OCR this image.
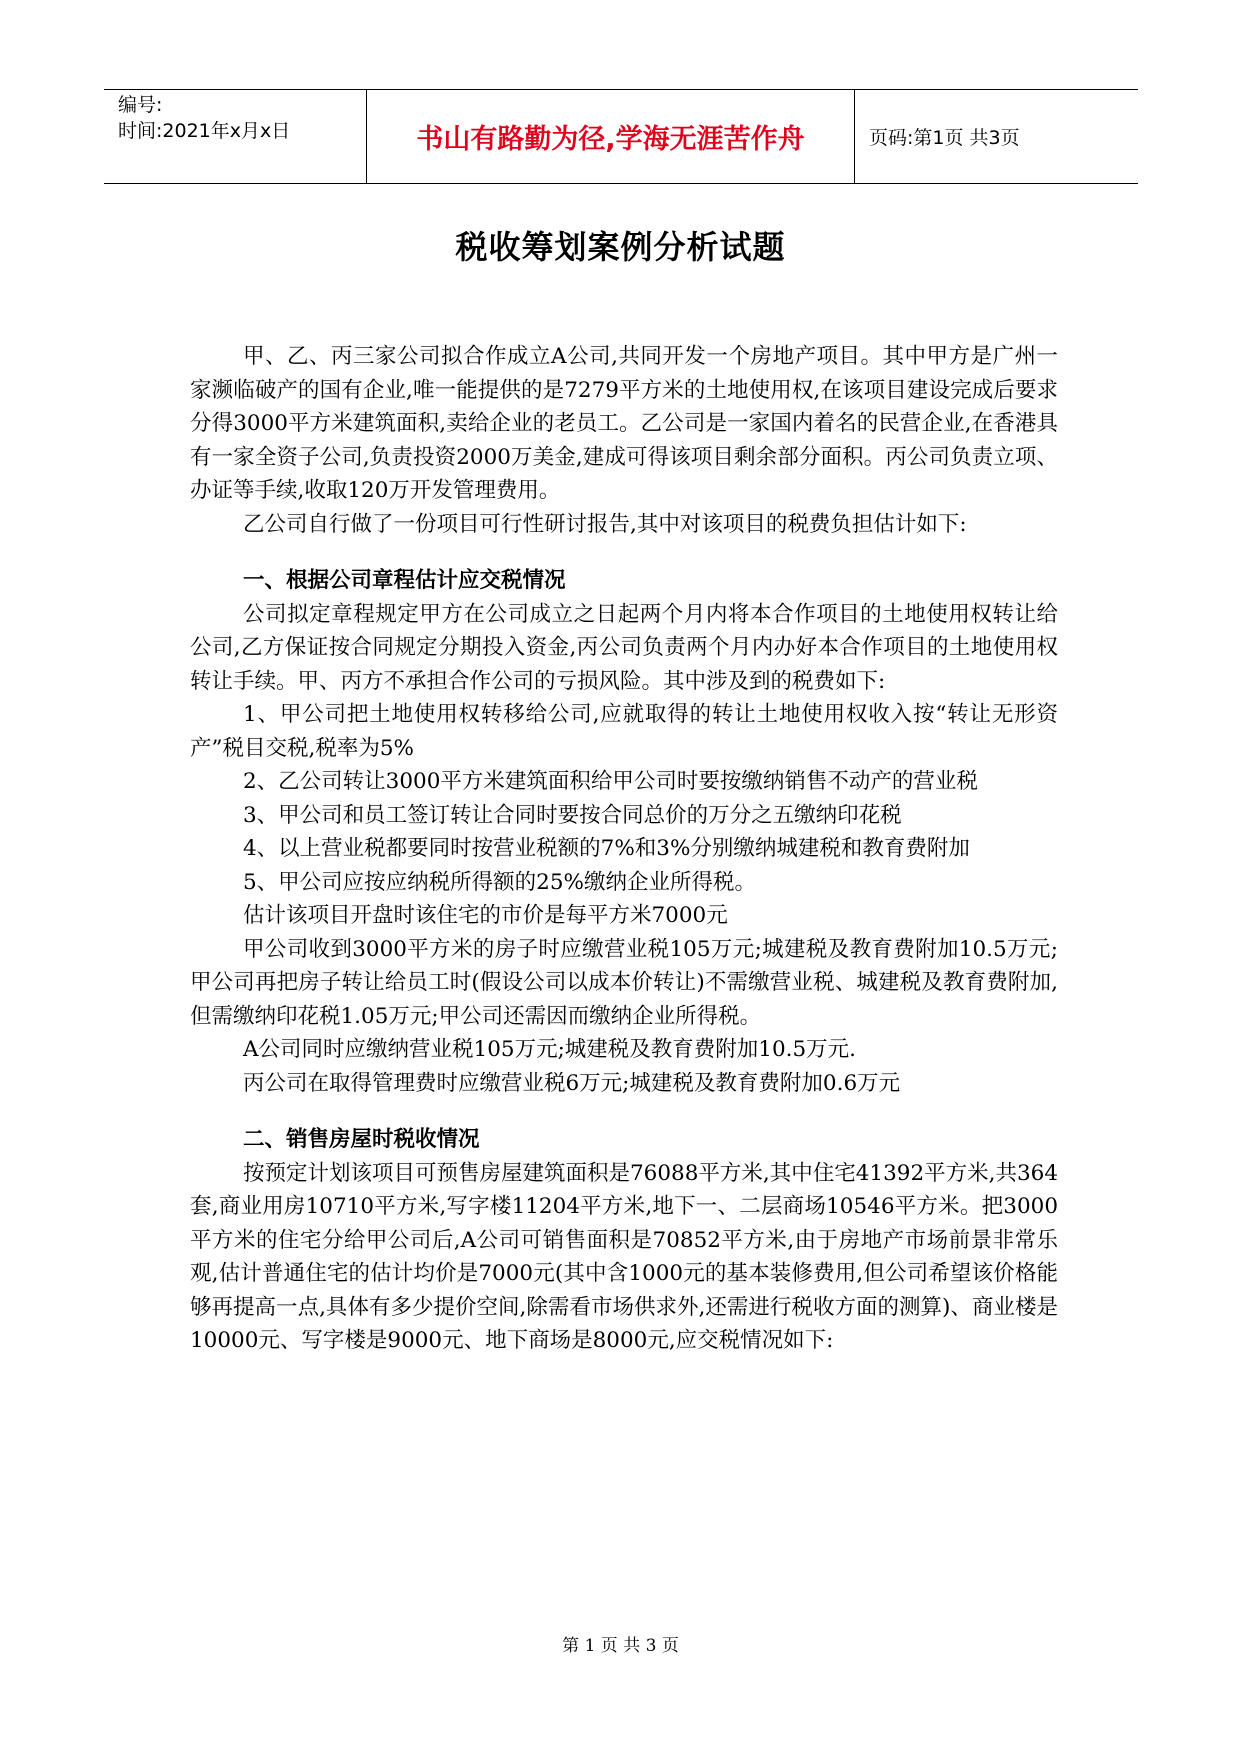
编号:
时间:2021年x月x日	书山有路勤为径,学海无涯苦作舟	页码:第1页 共3页
税收筹划案例分析试题

甲、乙、丙三家公司拟合作成立A公司,共同开发一个房地产项目。其中甲方是广州一家濒临破产的国有企业,唯一能提供的是7279平方米的土地使用权,在该项目建设完成后要求分得3000平方米建筑面积,卖给企业的老员工。乙公司是一家国内着名的民营企业,在香港具有一家全资子公司,负责投资2000万美金,建成可得该项目剩余部分面积。丙公司负责立项、办证等手续,收取120万开发管理费用。

乙公司自行做了一份项目可行性研讨报告,其中对该项目的税费负担估计如下:

一、根据公司章程估计应交税情况

公司拟定章程规定甲方在公司成立之日起两个月内将本合作项目的土地使用权转让给公司,乙方保证按合同规定分期投入资金,丙公司负责两个月内办好本合作项目的土地使用权转让手续。甲、丙方不承担合作公司的亏损风险。其中涉及到的税费如下:

1、甲公司把土地使用权转移给公司,应就取得的转让土地使用权收入按“转让无形资产”税目交税,税率为5%

2、乙公司转让3000平方米建筑面积给甲公司时要按缴纳销售不动产的营业税

3、甲公司和员工签订转让合同时要按合同总价的万分之五缴纳印花税

4、以上营业税都要同时按营业税额的7%和3%分别缴纳城建税和教育费附加

5、甲公司应按应纳税所得额的25%缴纳企业所得税。

估计该项目开盘时该住宅的市价是每平方米7000元

甲公司收到3000平方米的房子时应缴营业税105万元;城建税及教育费附加10.5万元;甲公司再把房子转让给员工时(假设公司以成本价转让)不需缴营业税、城建税及教育费附加,但需缴纳印花税1.05万元;甲公司还需因而缴纳企业所得税。

A公司同时应缴纳营业税105万元;城建税及教育费附加10.5万元.

丙公司在取得管理费时应缴营业税6万元;城建税及教育费附加0.6万元

二、销售房屋时税收情况

按预定计划该项目可预售房屋建筑面积是76088平方米,其中住宅41392平方米,共364套,商业用房10710平方米,写字楼11204平方米,地下一、二层商场10546平方米。把3000平方米的住宅分给甲公司后,A公司可销售面积是70852平方米,由于房地产市场前景非常乐观,估计普通住宅的估计均价是7000元(其中含1000元的基本装修费用,但公司希望该价格能够再提高一点,具体有多少提价空间,除需看市场供求外,还需进行税收方面的测算)、商业楼是10000元、写字楼是9000元、地下商场是8000元,应交税情况如下:

第 1 页 共 3 页
